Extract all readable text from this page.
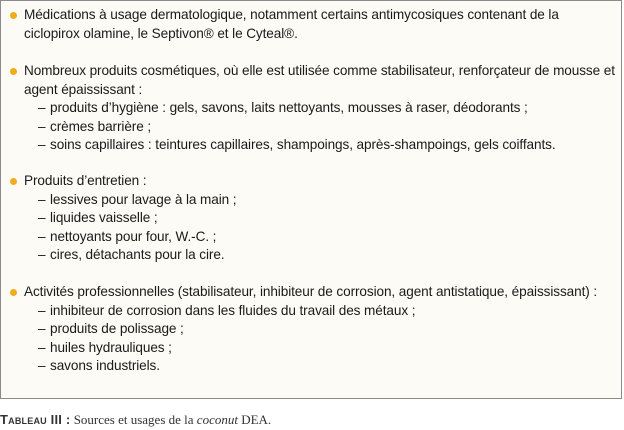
Médications à usage dermatologique, notamment certains antimycosiques contenant de la ciclopirox olamine, le Septivon® et le Cyteal®.
Nombreux produits cosmétiques, où elle est utilisée comme stabilisateur, renforçateur de mousse et agent épaississant :
– produits d’hygiène : gels, savons, laits nettoyants, mousses à raser, déodorants ;
– crèmes barrière ;
– soins capillaires : teintures capillaires, shampoings, après-shampoings, gels coiffants.
Produits d’entretien :
– lessives pour lavage à la main ;
– liquides vaisselle ;
– nettoyants pour four, W.-C. ;
– cires, détachants pour la cire.
Activités professionnelles (stabilisateur, inhibiteur de corrosion, agent antistatique, épaississant) :
– inhibiteur de corrosion dans les fluides du travail des métaux ;
– produits de polissage ;
– huiles hydrauliques ;
– savons industriels.
Tableau III : Sources et usages de la coconut DEA.
